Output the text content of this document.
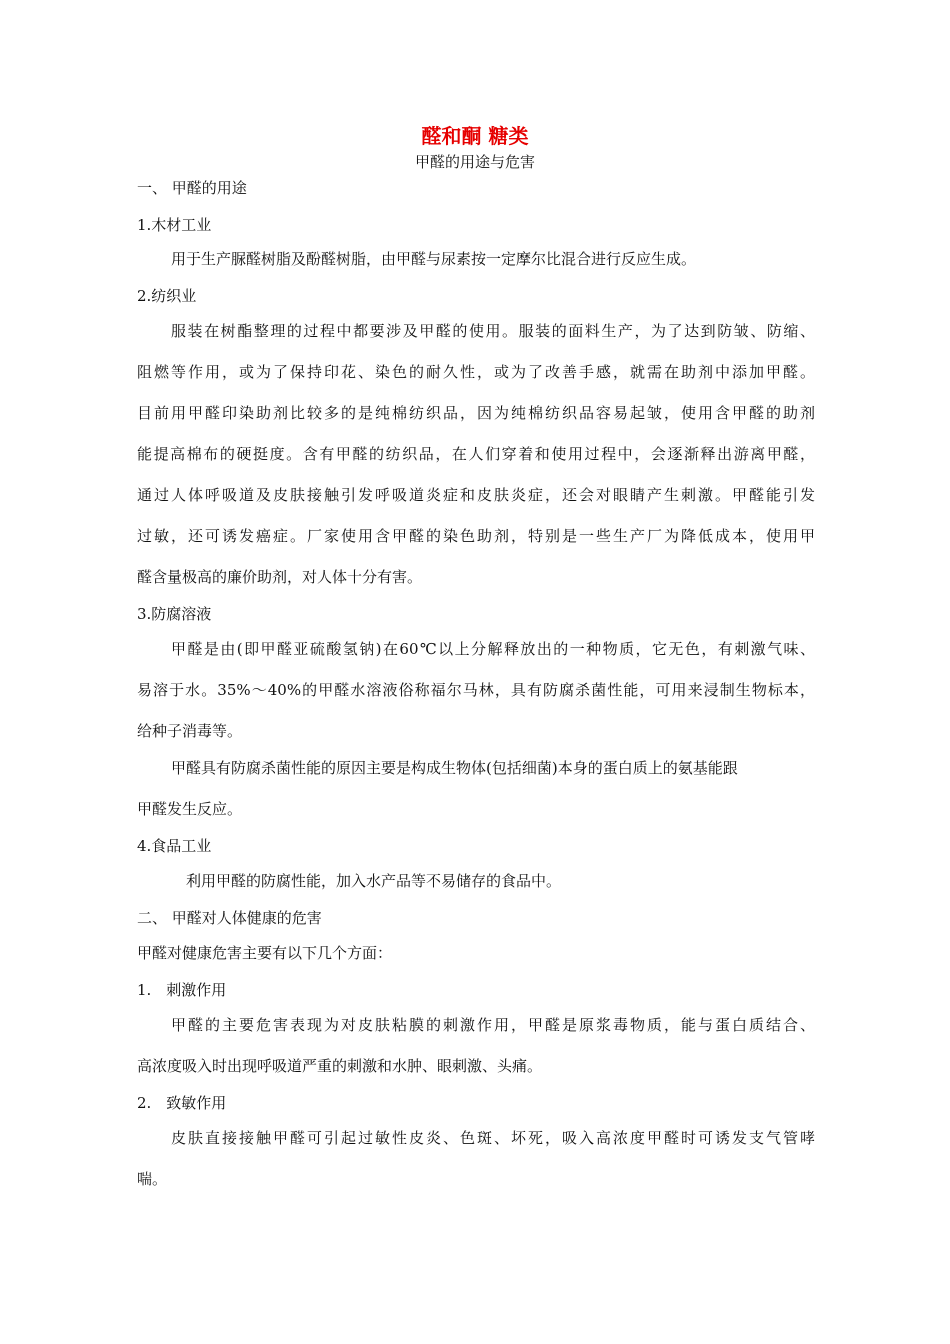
醛和酮 糖类
甲醛的用途与危害
一、 甲醛的用途
1.木材工业
用于生产脲醛树脂及酚醛树脂，由甲醛与尿素按一定摩尔比混合进行反应生成。
2.纺织业
服装在树酯整理的过程中都要涉及甲醛的使用。服装的面料生产，为了达到防皱、防缩、
阻燃等作用，或为了保持印花、染色的耐久性，或为了改善手感，就需在助剂中添加甲醛。
目前用甲醛印染助剂比较多的是纯棉纺织品，因为纯棉纺织品容易起皱，使用含甲醛的助剂
能提高棉布的硬挺度。含有甲醛的纺织品，在人们穿着和使用过程中，会逐渐释出游离甲醛，
通过人体呼吸道及皮肤接触引发呼吸道炎症和皮肤炎症，还会对眼睛产生刺激。甲醛能引发
过敏，还可诱发癌症。厂家使用含甲醛的染色助剂，特别是一些生产厂为降低成本，使用甲
醛含量极高的廉价助剂，对人体十分有害。
3.防腐溶液
甲醛是由(即甲醛亚硫酸氢钠)在60℃以上分解释放出的一种物质，它无色，有刺激气味、
易溶于水。35%～40%的甲醛水溶液俗称福尔马林，具有防腐杀菌性能，可用来浸制生物标本，
给种子消毒等。
甲醛具有防腐杀菌性能的原因主要是构成生物体(包括细菌)本身的蛋白质上的氨基能跟
甲醛发生反应。
4.食品工业
利用甲醛的防腐性能，加入水产品等不易储存的食品中。
二、 甲醛对人体健康的危害
甲醛对健康危害主要有以下几个方面：
1.　刺激作用
甲醛的主要危害表现为对皮肤粘膜的刺激作用，甲醛是原浆毒物质，能与蛋白质结合、
高浓度吸入时出现呼吸道严重的刺激和水肿、眼刺激、头痛。
2.　致敏作用
皮肤直接接触甲醛可引起过敏性皮炎、色斑、坏死，吸入高浓度甲醛时可诱发支气管哮
喘。
